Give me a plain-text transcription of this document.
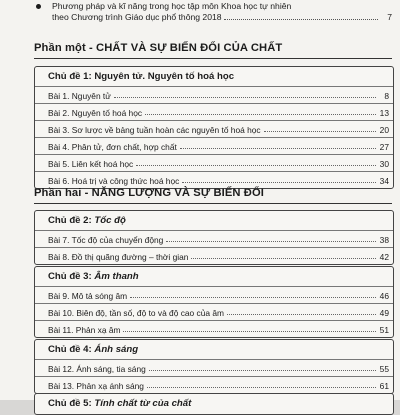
Phương pháp và kĩ năng trong học tập môn Khoa học tự nhiên
theo Chương trình Giáo dục phổ thông 2018	7
Phần một - CHẤT VÀ SỰ BIẾN ĐỔI CỦA CHẤT
Chủ đề 1: Nguyên tử. Nguyên tố hoá học
Bài 1. Nguyên tử	8
Bài 2. Nguyên tố hoá học	13
Bài 3. Sơ lược về bảng tuần hoàn các nguyên tố hoá học	20
Bài 4. Phân tử, đơn chất, hợp chất	27
Bài 5. Liên kết hoá học	30
Bài 6. Hoá trị và công thức hoá học	34
Phần hai - NĂNG LƯỢNG VÀ SỰ BIẾN ĐỔI
Chủ đề 2: Tốc độ
Bài 7. Tốc độ của chuyển động	38
Bài 8. Đồ thị quãng đường – thời gian	42
Chủ đề 3: Âm thanh
Bài 9. Mô tả sóng âm	46
Bài 10. Biên độ, tần số, độ to và độ cao của âm	49
Bài 11. Phản xạ âm	51
Chủ đề 4: Ánh sáng
Bài 12. Ánh sáng, tia sáng	55
Bài 13. Phản xạ ánh sáng	61
Chủ đề 5: Tính chất từ của chất
